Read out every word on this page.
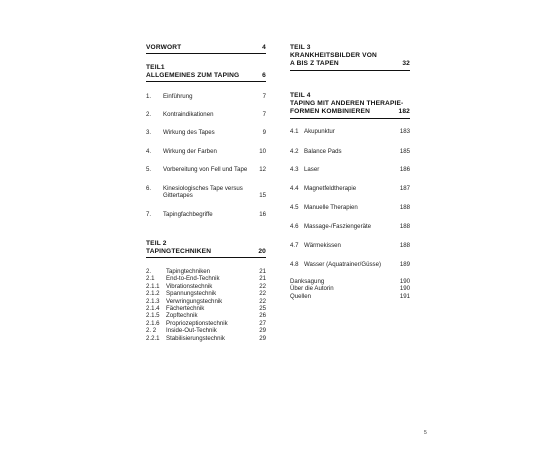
VORWORT	4
TEIL1
ALLGEMEINES ZUM TAPING	6
1.	Einführung	7
2.	Kontraindikationen	7
3.	Wirkung des Tapes	9
4.	Wirkung der Farben	10
5.	Vorbereitung von Fell und Tape	12
6.	Kinesiologisches Tape versus
Gittertapes	15
7.	Tapingfachbegriffe	16
TEIL 2
TAPINGTECHNIKEN	20
2.	Tapingtechniken	21
2.1	End-to-End-Technik	21
2.1.1	Vibrationstechnik	22
2.1.2	Spannungstechnik	22
2.1.3	Verwringungstechnik	22
2.1.4	Fächertechnik	25
2.1.5	Zopftechnik	26
2.1.6	Propriozeptionstechnik	27
2. 2	Inside-Out-Technik	29
2.2.1	Stabilisierungstechnik	29
TEIL 3
KRANKHEITSBILDER VON
A BIS Z TAPEN	32
TEIL 4
TAPING MIT ANDEREN THERAPIE-
FORMEN KOMBINIEREN	182
4.1 Akupunktur	183
4.2 Balance Pads	185
4.3 Laser	186
4.4 Magnetfeldtherapie	187
4.5 Manuelle Therapien	188
4.6 Massage-/Fasziengeräte	188
4.7 Wärmekissen	188
4.8 Wasser (Aquatrainer/Güsse)	189
Danksagung	190
Über die Autorin	190
Quellen	191
5
